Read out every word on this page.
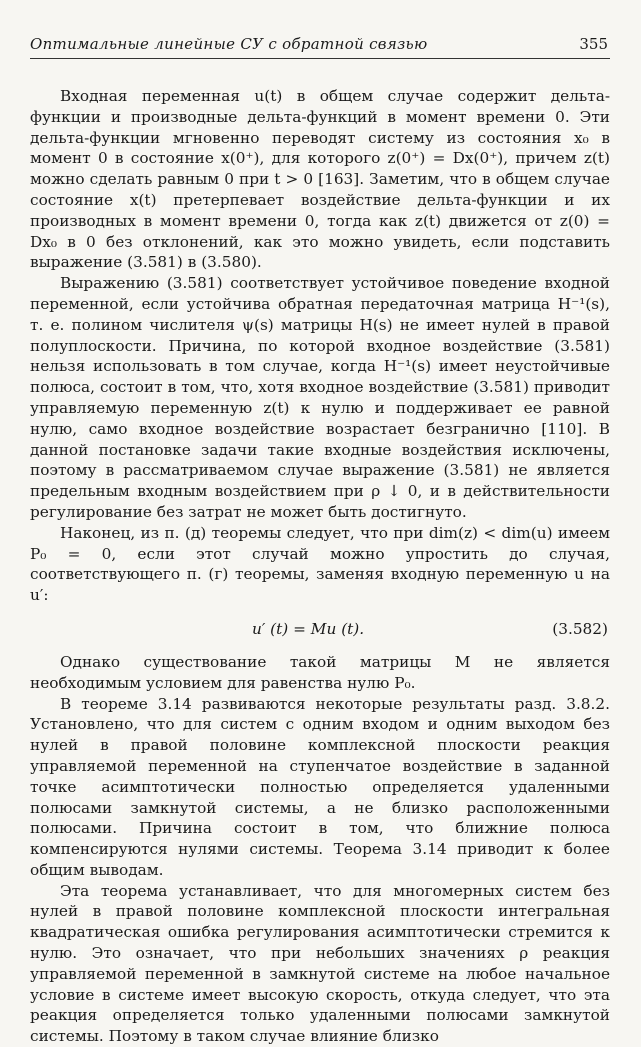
Оптимальные линейные СУ с обратной связью	355

Входная переменная u(t) в общем случае содержит дельта-функции и производные дельта-функций в момент времени 0. Эти дельта-функции мгновенно переводят систему из состояния x₀ в момент 0 в состояние x(0⁺), для которого z(0⁺) = Dx(0⁺), причем z(t) можно сделать равным 0 при t > 0 [163]. Заметим, что в общем случае состояние x(t) претерпевает воздействие дельта-функции и их производных в момент времени 0, тогда как z(t) движется от z(0) = Dx₀ в 0 без отклонений, как это можно увидеть, если подставить выражение (3.581) в (3.580).

Выражению (3.581) соответствует устойчивое поведение входной переменной, если устойчива обратная передаточная матрица H⁻¹(s), т. е. полином числителя ψ(s) матрицы H(s) не имеет нулей в правой полуплоскости. Причина, по которой входное воздействие (3.581) нельзя использовать в том случае, когда H⁻¹(s) имеет неустойчивые полюса, состоит в том, что, хотя входное воздействие (3.581) приводит управляемую переменную z(t) к нулю и поддерживает ее равной нулю, само входное воздействие возрастает безгранично [110]. В данной постановке задачи такие входные воздействия исключены, поэтому в рассматриваемом случае выражение (3.581) не является предельным входным воздействием при ρ ↓ 0, и в действительности регулирование без затрат не может быть достигнуто.

Наконец, из п. (д) теоремы следует, что при dim(z) < dim(u) имеем P₀ = 0, если этот случай можно упростить до случая, соответствующего п. (г) теоремы, заменяя входную переменную u на u′:

u′ (t) = Mu (t).	(3.582)

Однако существование такой матрицы M не является необходимым условием для равенства нулю P₀.

В теореме 3.14 развиваются некоторые результаты разд. 3.8.2. Установлено, что для систем с одним входом и одним выходом без нулей в правой половине комплексной плоскости реакция управляемой переменной на ступенчатое воздействие в заданной точке асимптотически полностью определяется удаленными полюсами замкнутой системы, а не близко расположенными полюсами. Причина состоит в том, что ближние полюса компенсируются нулями системы. Теорема 3.14 приводит к более общим выводам.

Эта теорема устанавливает, что для многомерных систем без нулей в правой половине комплексной плоскости интегральная квадратическая ошибка регулирования асимптотически стремится к нулю. Это означает, что при небольших значениях ρ реакция управляемой переменной в замкнутой системе на любое начальное условие в системе имеет высокую скорость, откуда следует, что эта реакция определяется только удаленными полюсами замкнутой системы. Поэтому в таком случае влияние близко
